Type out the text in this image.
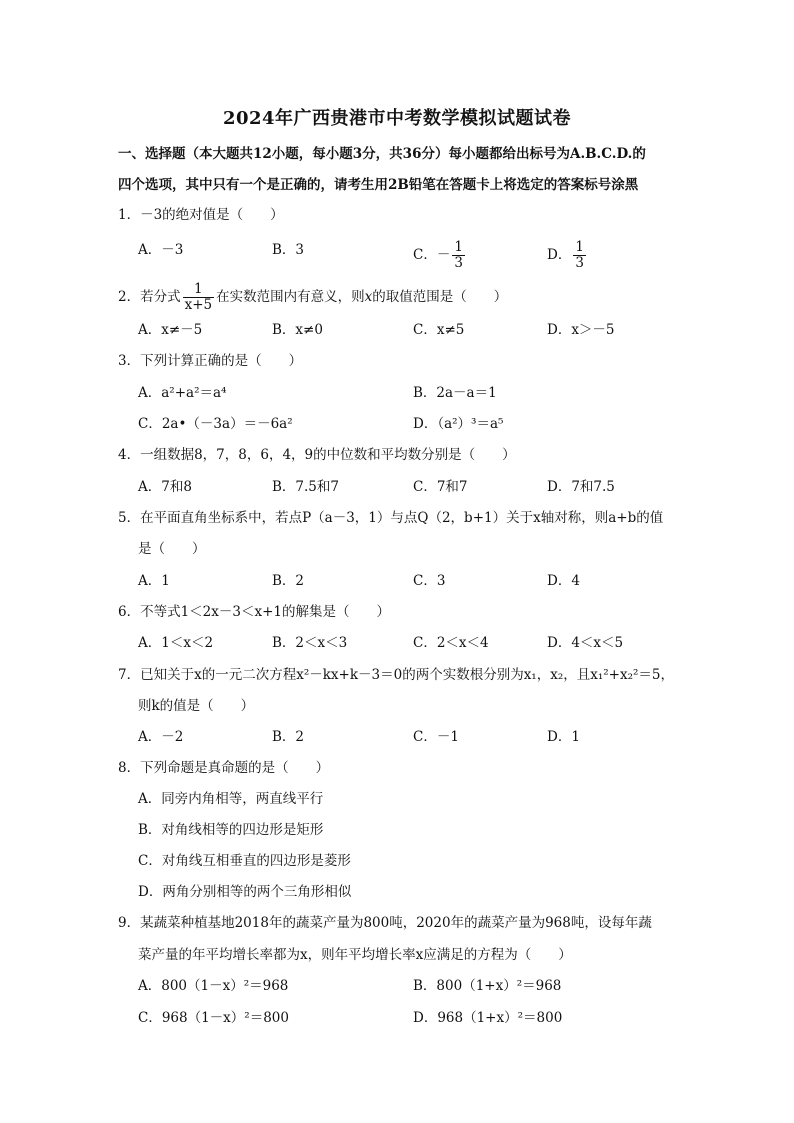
2024年广西贵港市中考数学模拟试题试卷
一、选择题（本大题共12小题，每小题3分，共36分）每小题都给出标号为A.B.C.D.的
四个选项，其中只有一个是正确的，请考生用2B铅笔在答题卡上将选定的答案标号涂黑
1．－3的绝对值是（　　）
A．－3	B．3	C．－ $\frac{1}{3}$	D． $\frac{1}{3}$
2．若分式 $\frac{1}{x+5}$ 在实数范围内有意义，则x的取值范围是（　　）
A．x≠－5	B．x≠0	C．x≠5	D．x＞－5
3．下列计算正确的是（　　）
A．a²+a²＝a⁴	B．2a－a＝1
C．2a•（－3a）＝－6a²	D．（a²）³＝a⁵
4．一组数据8，7，8，6，4，9的中位数和平均数分别是（　　）
A．7和8	B．7.5和7	C．7和7	D．7和7.5
5．在平面直角坐标系中，若点P（a－3，1）与点Q（2，b+1）关于x轴对称，则a+b的值
是（　　）
A．1	B．2	C．3	D．4
6．不等式1＜2x－3＜x+1的解集是（　　）
A．1＜x＜2	B．2＜x＜3	C．2＜x＜4	D．4＜x＜5
7．已知关于x的一元二次方程x²－kx+k－3＝0的两个实数根分别为x₁，x₂，且x₁²+x₂²＝5，
则k的值是（　　）
A．－2	B．2	C．－1	D．1
8．下列命题是真命题的是（　　）
A．同旁内角相等，两直线平行
B．对角线相等的四边形是矩形
C．对角线互相垂直的四边形是菱形
D．两角分别相等的两个三角形相似
9．某蔬菜种植基地2018年的蔬菜产量为800吨，2020年的蔬菜产量为968吨，设每年蔬
菜产量的年平均增长率都为x，则年平均增长率x应满足的方程为（　　）
A．800（1－x）²＝968	B．800（1+x）²＝968
C．968（1－x）²＝800	D．968（1+x）²＝800
